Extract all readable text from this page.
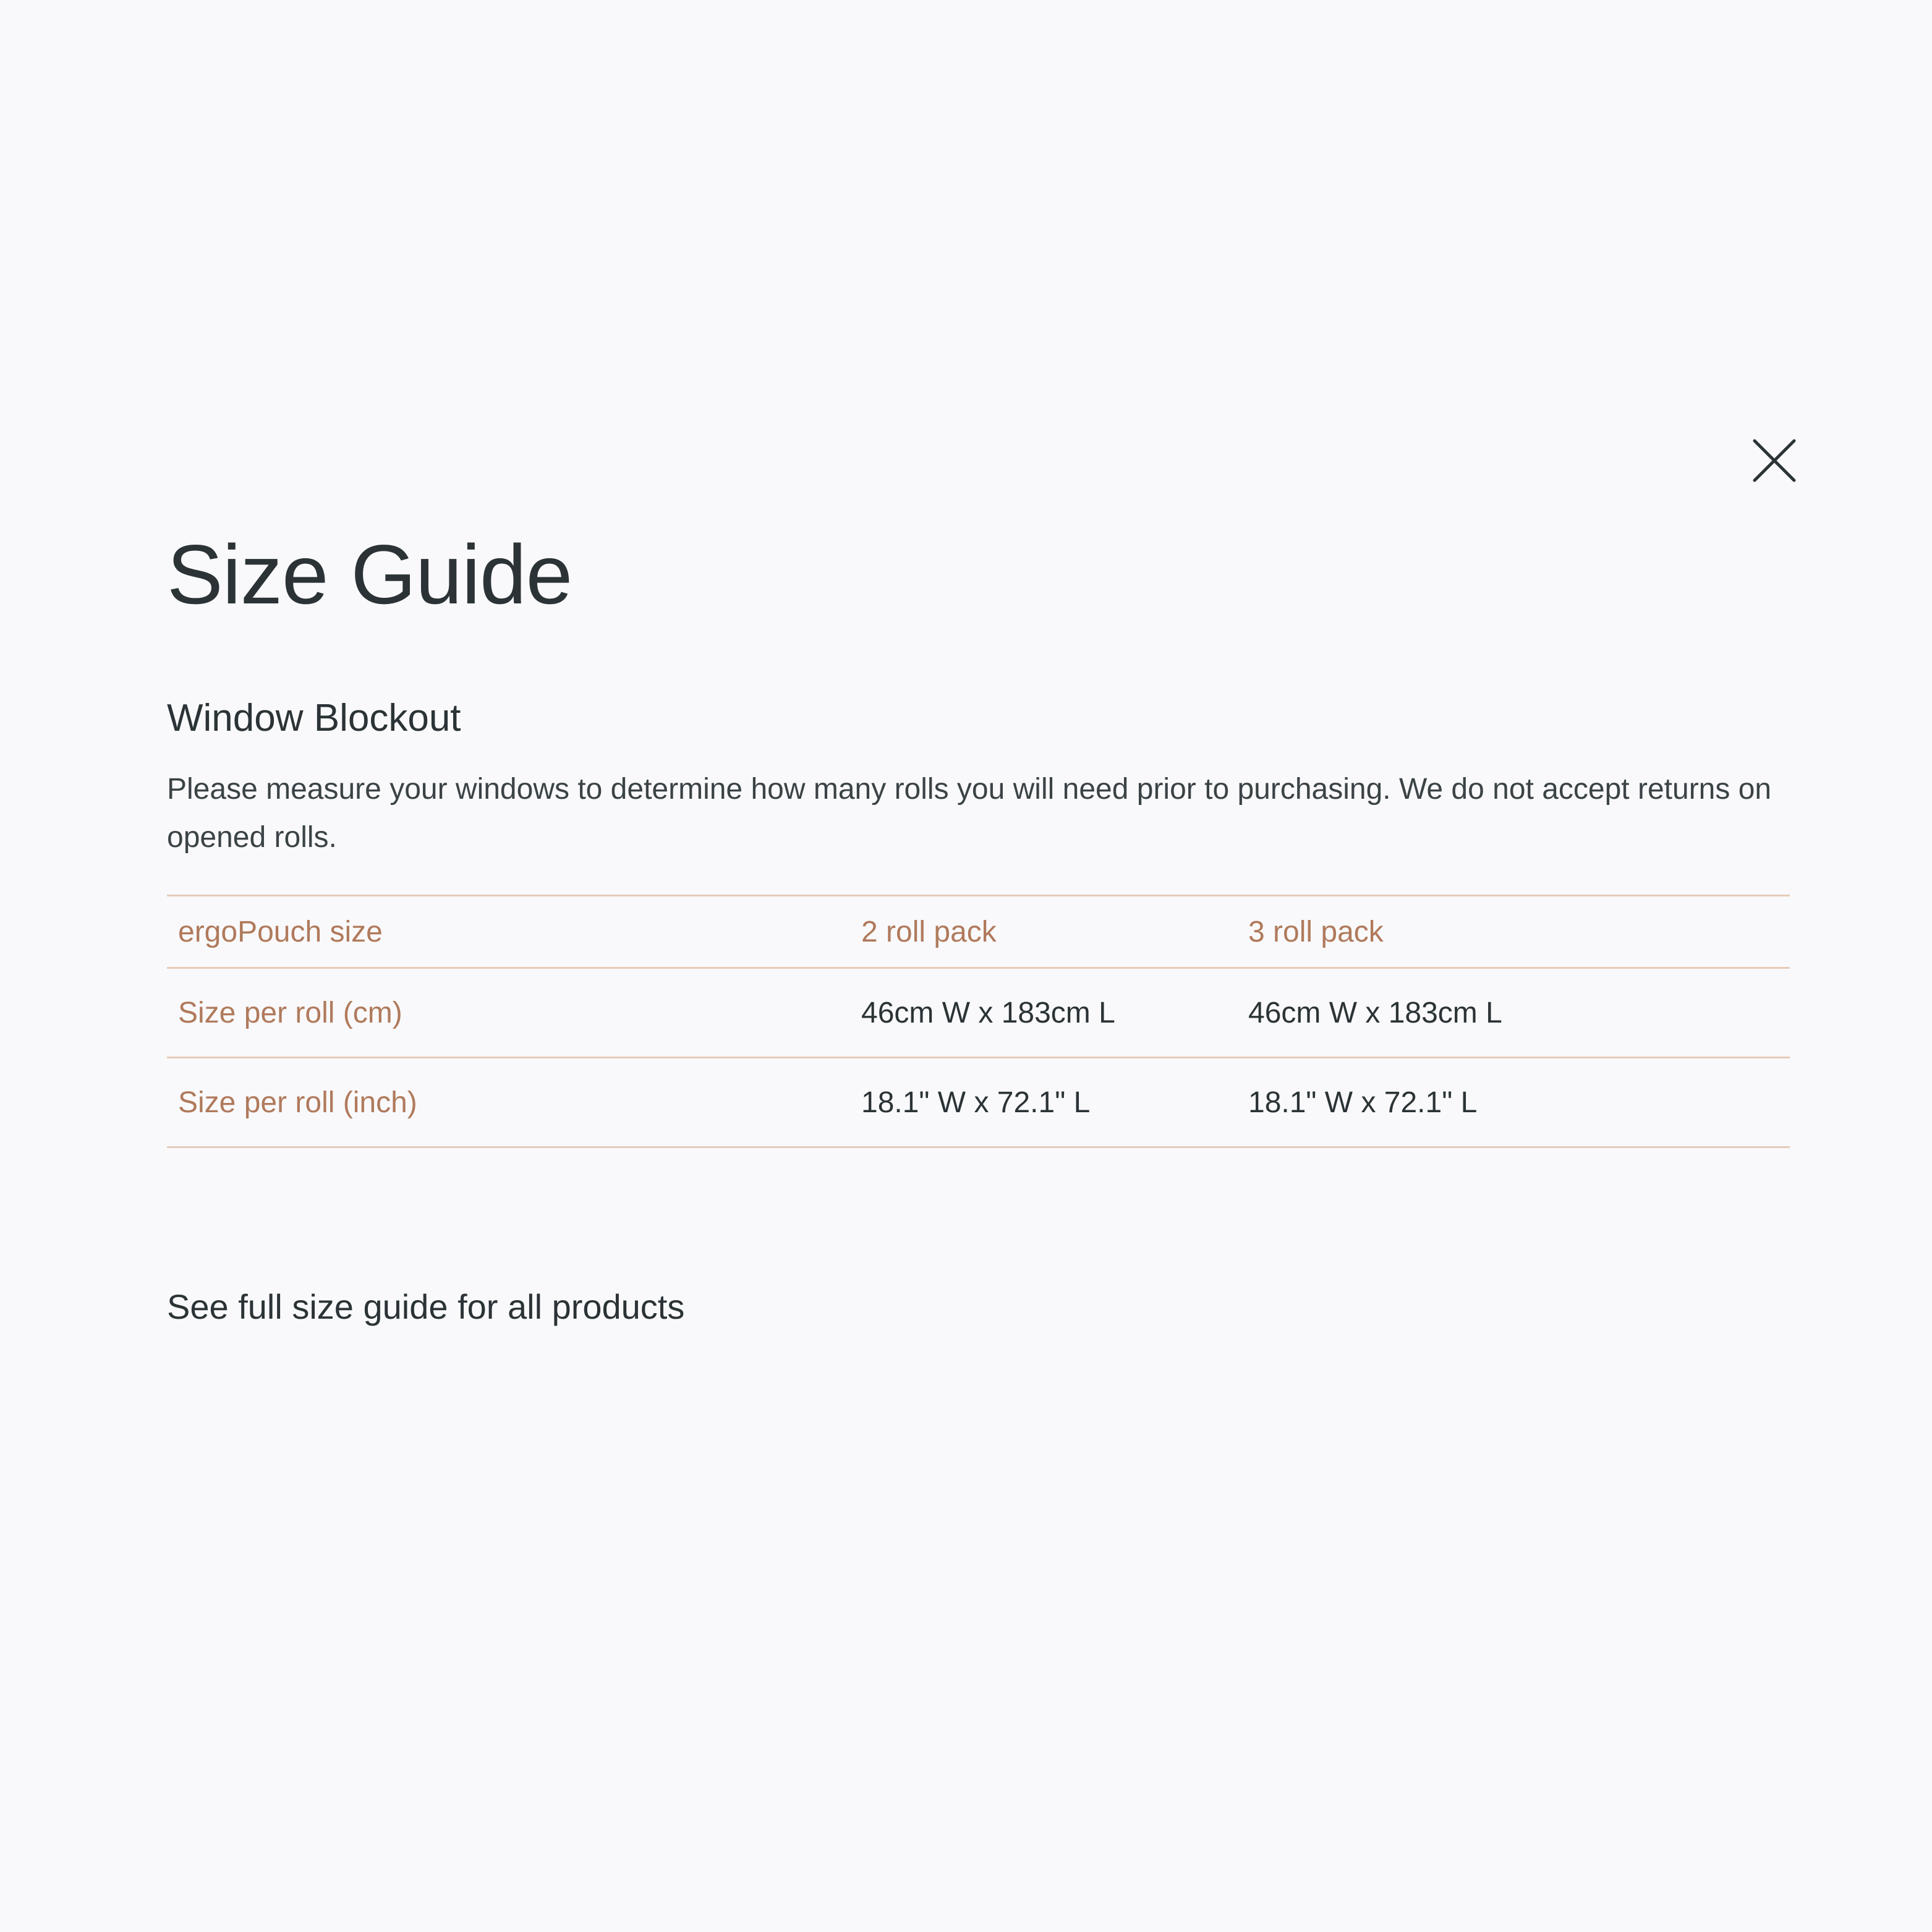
Size Guide
Window Blockout

Please measure your windows to determine how many rolls you will need prior to purchasing. We do not accept returns on opened rolls.

ergoPouch size	2 roll pack	3 roll pack
Size per roll (cm)	46cm W x 183cm L	46cm W x 183cm L
Size per roll (inch)	18.1" W x 72.1" L	18.1" W x 72.1" L
See full size guide for all products
